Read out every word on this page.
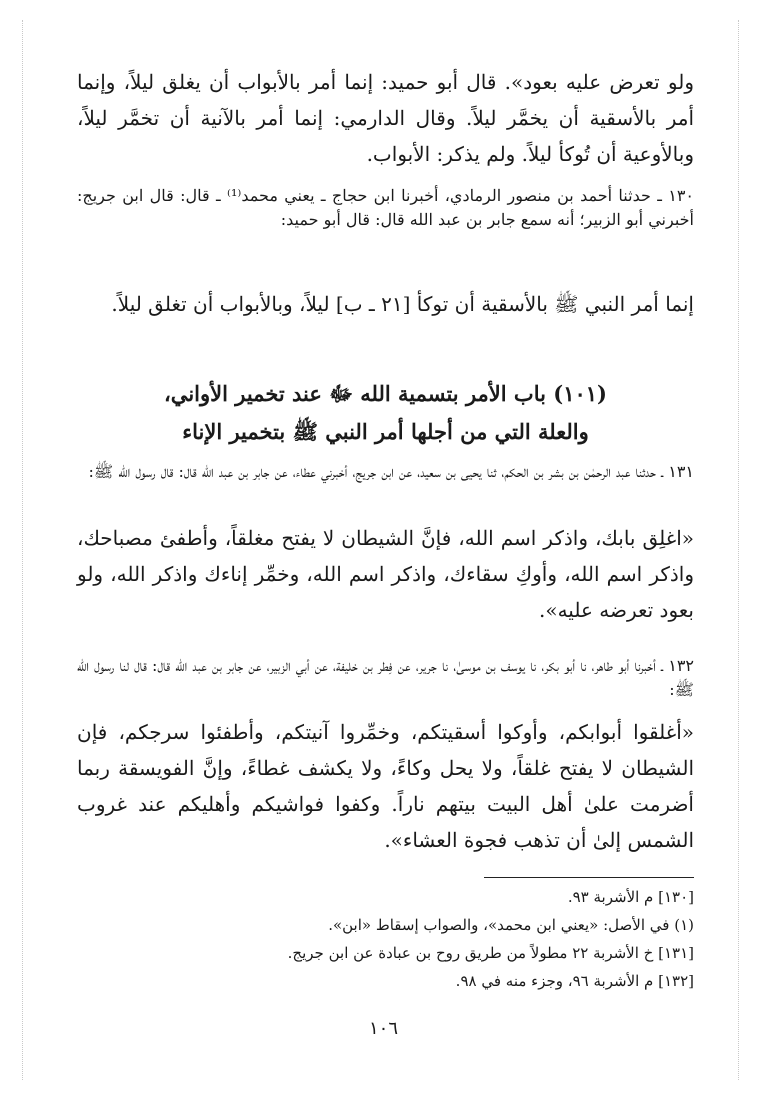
ولو تعرض عليه بعود». قال أبو حميد: إنما أمر بالأبواب أن يغلق ليلاً، وإنما أمر بالأسقية أن يخمَّر ليلاً. وقال الدارمي: إنما أمر بالآنية أن تخمَّر ليلاً، وبالأوعية أن تُوكأ ليلاً. ولم يذكر: الأبواب.
١٣٠ ـ حدثنا أحمد بن منصور الرمادي، أخبرنا ابن حجاج ـ يعني محمد⁽¹⁾ ـ قال: قال ابن جريج: أخبرني أبو الزبير؛ أنه سمع جابر بن عبد الله قال: قال أبو حميد:
إنما أمر النبي ﷺ بالأسقية أن توكأ [٢١ ـ ب] ليلاً، وبالأبواب أن تغلق ليلاً.
(١٠١) باب الأمر بتسمية الله ﷻ عند تخمير الأواني،
والعلة التي من أجلها أمر النبي ﷺ بتخمير الإناء
١٣١ ـ حدثنا عبد الرحمٰن بن بشر بن الحكم، ثنا يحيى بن سعيد، عن ابن جريج، أخبرني عطاء، عن جابر بن عبد الله قال: قال رسول الله ﷺ:
«اغلِق بابك، واذكر اسم الله، فإنَّ الشيطان لا يفتح مغلقاً، وأطفئ مصباحك، واذكر اسم الله، وأوكِ سقاءك، واذكر اسم الله، وخمِّر إناءك واذكر الله، ولو بعود تعرضه عليه».
١٣٢ ـ أخبرنا أبو طاهر، نا أبو بكر، نا يوسف بن موسىٰ، نا جرير، عن فِطر بن خليفة، عن أبي الزبير، عن جابر بن عبد الله قال: قال لنا رسول الله ﷺ:
«أغلقوا أبوابكم، وأوكوا أسقيتكم، وخمِّروا آنيتكم، وأطفئوا سرجكم، فإن الشيطان لا يفتح غلقاً، ولا يحل وكاءً، ولا يكشف غطاءً، وإنَّ الفويسقة ربما أضرمت علىٰ أهل البيت بيتهم ناراً. وكفوا فواشيكم وأهليكم عند غروب الشمس إلىٰ أن تذهب فجوة العشاء».
[١٣٠] م الأشربة ٩٣.
(١) في الأصل: «يعني ابن محمد»، والصواب إسقاط «ابن».
[١٣١] خ الأشربة ٢٢ مطولاً من طريق روح بن عبادة عن ابن جريج.
[١٣٢] م الأشربة ٩٦، وجزء منه في ٩٨.
١٠٦
